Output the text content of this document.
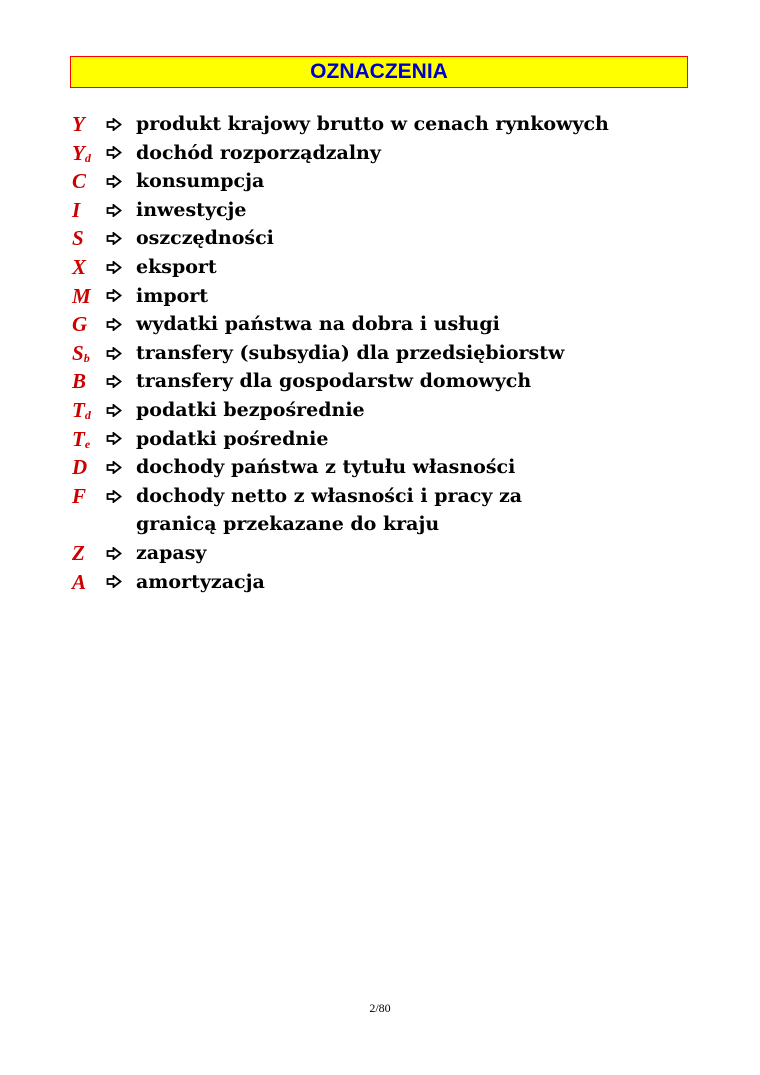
OZNACZENIA
Y	produkt krajowy brutto w cenach rynkowych
$Y_d$	dochód rozporządzalny
C	konsumpcja
I	inwestycje
S	oszczędności
X	eksport
M	import
G	wydatki państwa na dobra i usługi
$S_b$	transfery (subsydia) dla przedsiębiorstw
B	transfery dla gospodarstw domowych
$T_d$	podatki bezpośrednie
$T_e$	podatki pośrednie
D	dochody państwa z tytułu własności
F	dochody netto z własności i pracy za granicą przekazane do kraju
Z	zapasy
A	amortyzacja
2/80
